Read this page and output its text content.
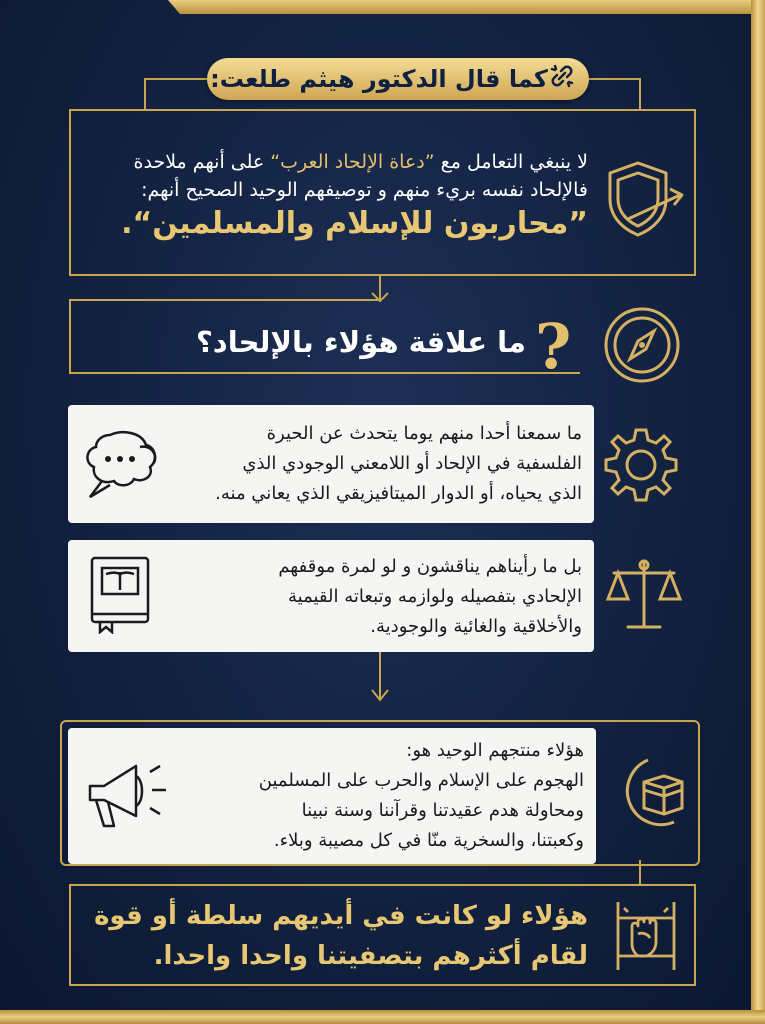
كما قال الدكتور هيثم طلعت:
لا ينبغي التعامل مع ”دعاة الإلحاد العرب“ على أنهم ملاحدة
فالإلحاد نفسه بريء منهم و توصيفهم الوحيد الصحيح أنهم:
”محاربون للإسلام والمسلمين“.
ما علاقة هؤلاء بالإلحاد؟ ?
ما سمعنا أحدا منهم يوما يتحدث عن الحيرة
الفلسفية في الإلحاد أو اللامعني الوجودي الذي
الذي يحياه، أو الدوار الميتافيزيقي الذي يعاني منه.
بل ما رأيناهم يناقشون و لو لمرة موقفهم
الإلحادي بتفصيله ولوازمه وتبعاته القيمية
والأخلاقية والغائية والوجودية.
هؤلاء منتجهم الوحيد هو:
الهجوم على الإسلام والحرب على المسلمين
ومحاولة هدم عقيدتنا وقرآننا وسنة نبينا
وكعبتنا، والسخرية منّا في كل مصيبة وبلاء.
هؤلاء لو كانت في أيديهم سلطة أو قوة
لقام أكثرهم بتصفيتنا واحدا واحدا.
